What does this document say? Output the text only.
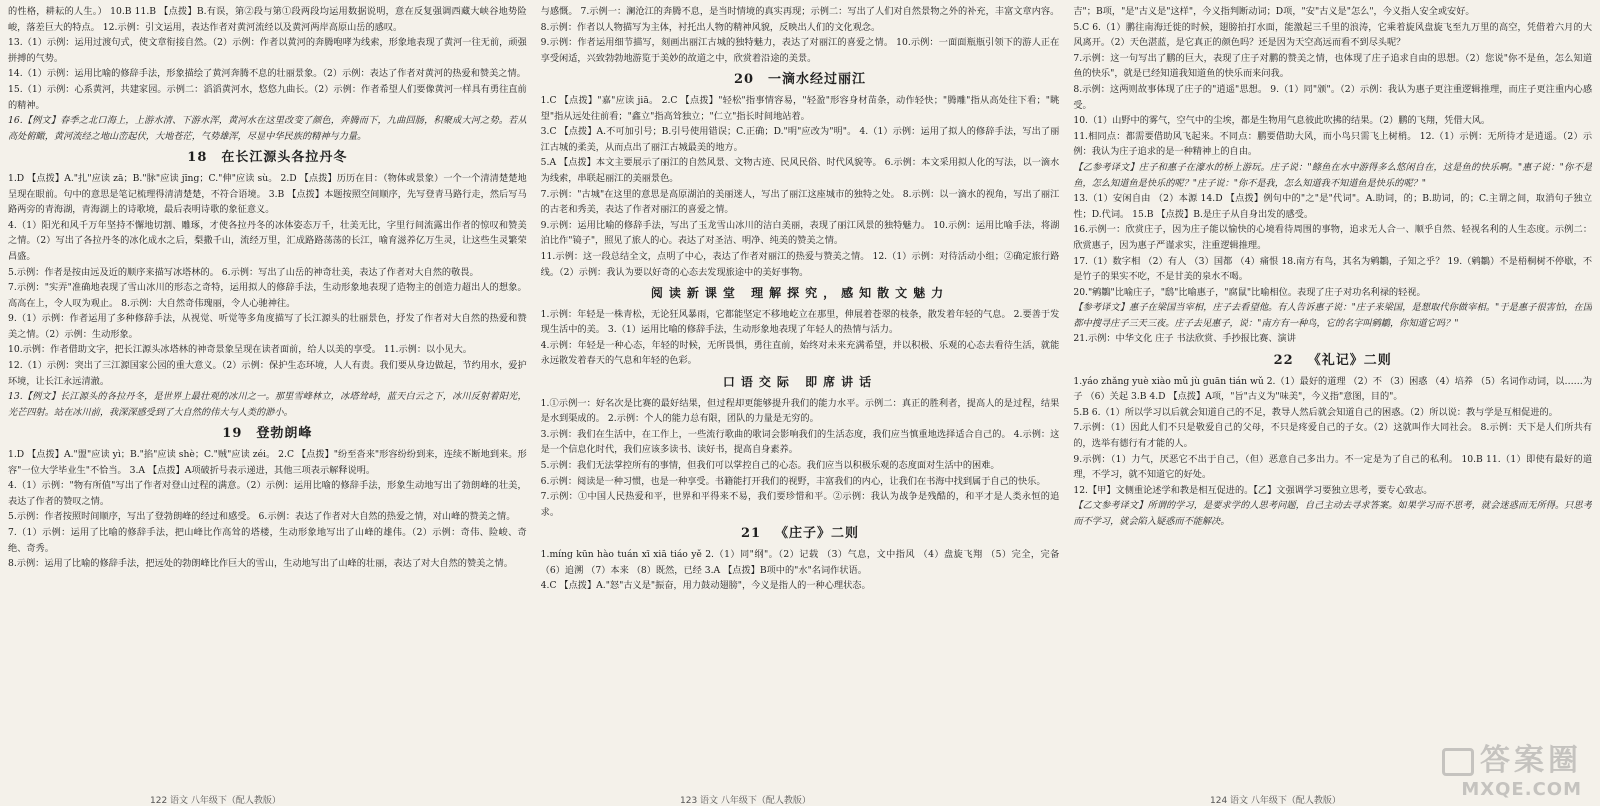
的性格，耕耘的人生。） 10.B 11.B 【点拨】B.有误，第②段与第①段两段均运用数据说明，意在反复强调西藏大峡谷地势险峻，落差巨大的特点。 12.示例：引文运用，表达作者对黄河流经以及黄河两岸高原山岳的感叹。

13.（1）示例：运用过渡句式，使文章衔接自然。（2）示例：作者以黄河的奔腾咆哮为线索，形象地表现了黄河一往无前，顽强拼搏的气势。

14.（1）示例：运用比喻的修辞手法，形象描绘了黄河奔腾不息的壮丽景象。（2）示例：表达了作者对黄河的热爱和赞美之情。

15.（1）示例：心系黄河，共建家园。示例二：滔滔黄河水，悠悠九曲长。（2）示例：作者希望人们要像黄河一样具有勇往直前的精神。

16.【例文】春季之北口海上，上游水清、下游水浑，黄河水在这里改变了颜色，奔腾而下，九曲回肠，积聚成大河之势。若从高处俯瞰，黄河流经之地山峦起伏，大地苍茫，气势雄浑，尽显中华民族的精神与力量。

18 在长江源头各拉丹冬

1.D 【点拨】A."扎"应读 zā；B."脉"应读 jīng；C."伸"应读 sù。 2.D 【点拨】历历在目：（物体或景象）一个一个清清楚楚地呈现在眼前。句中的意思是笔记梳理得清清楚楚，不符合语境。 3.B 【点拨】本题按照空间顺序，先写登青马路行走，然后写马路两旁的青海湖，青海湖上的诗歌境，最后表明诗歌的象征意义。

4.（1）阳光和风千万年坚持不懈地切割、雕琢，才使各拉丹冬的冰体姿态万千，壮美无比，字里行间流露出作者的惊叹和赞美之情。（2）写出了各拉丹冬的冰化成水之后，梨撒千山，流经万里，汇成路路荡荡的长江，喻育滋养亿万生灵，让这些生灵繁荣昌盛。

5.示例：作者是按由远及近的顺序来描写冰塔林的。 6.示例：写出了山岳的神奇壮美，表达了作者对大自然的敬畏。

7.示例："实弄"准确地表现了雪山冰川的形态之奇特，运用拟人的修辞手法，生动形象地表现了造物主的创造力超出人的想象。高高在上，令人叹为观止。 8.示例：大自然奇伟瑰丽，令人心驰神往。

9.（1）示例：作者运用了多种修辞手法，从视觉、听觉等多角度描写了长江源头的壮丽景色，抒发了作者对大自然的热爱和赞美之情。（2）示例：生动形象。

10.示例：作者借助文字，把长江源头冰塔林的神奇景象呈现在读者面前，给人以美的享受。 11.示例：以小见大。

12.（1）示例：突出了三江源国家公园的重大意义。（2）示例：保护生态环境，人人有责。我们要从身边做起，节约用水，爱护环境，让长江永远清澈。

13.【例文】长江源头的各拉丹冬，是世界上最壮观的冰川之一。那里雪峰林立，冰塔耸峙，蓝天白云之下，冰川反射着阳光，光芒四射。站在冰川前，我深深感受到了大自然的伟大与人类的渺小。

19 登勃朗峰

1.D 【点拨】A."盟"应读 yì；B."掐"应读 shè；C."贼"应读 zéi。 2.C 【点拨】"纷至沓来"形容纷纷到来，连续不断地到来。形容"一位大学毕业生"不恰当。 3.A 【点拨】A项破折号表示递进，其他三项表示解释说明。

4.（1）示例："物有所值"写出了作者对登山过程的满意。（2）示例：运用比喻的修辞手法，形象生动地写出了勃朗峰的壮美，表达了作者的赞叹之情。

5.示例：作者按照时间顺序，写出了登勃朗峰的经过和感受。 6.示例：表达了作者对大自然的热爱之情，对山峰的赞美之情。

7.（1）示例：运用了比喻的修辞手法，把山峰比作高耸的塔楼，生动形象地写出了山峰的雄伟。（2）示例：奇伟、险峻、奇绝、奇秀。

8.示例：运用了比喻的修辞手法，把远处的勃朗峰比作巨大的雪山，生动地写出了山峰的壮丽，表达了对大自然的赞美之情。

与感慨。 7.示例一：澜沧江的奔腾不息，是当时情境的真实再现；示例二：写出了人们对自然景物之外的补充，丰富文章内容。 8.示例：作者以人物描写为主体，衬托出人物的精神风貌，反映出人们的文化观念。

9.示例：作者运用细节描写，刻画出丽江古城的独特魅力，表达了对丽江的喜爱之情。 10.示例：一面面瓶瓶引领下的游人正在享受闲适，兴致勃勃地游览于美妙的故道之中，欣赏着沿途的美景。

20 一滴水经过丽江

1.C 【点拨】"嘉"应读 jiā。 2.C 【点拨】"轻松"指事情容易，"轻盈"形容身材苗条，动作轻快；"腾雕"指从高处往下看；"眺望"指从远处往前看；"鑫立"指高耸独立；"仁立"指长时间地站着。

3.C 【点拨】A.不可加引号；B.引号使用错误；C.正确；D."明"应改为"明"。 4.（1）示例：运用了拟人的修辞手法，写出了丽江古城的柔美，从而点出了丽江古城最美的地方。

5.A 【点拨】本文主要展示了丽江的自然风景、文物古迹、民风民俗、时代风貌等。 6.示例：本文采用拟人化的写法，以一滴水为线索，串联起丽江的美丽景色。

7.示例："古城"在这里的意思是高原湖泊的美丽迷人，写出了丽江这座城市的独特之处。 8.示例：以一滴水的视角，写出了丽江的古老和秀美，表达了作者对丽江的喜爱之情。

9.示例：运用比喻的修辞手法，写出了玉龙雪山冰川的洁白美丽，表现了丽江风景的独特魅力。 10.示例：运用比喻手法，将湖泊比作"镜子"，照见了旅人的心。表达了对圣洁、明净、纯美的赞美之情。

11.示例：这一段总结全文，点明了中心，表达了作者对丽江的热爱与赞美之情。 12.（1）示例：对待活动小组；②确定旅行路线。（2）示例：我认为要以好奇的心态去发现旅途中的美好事物。

阅读新课堂 理解探究，感知散文魅力

1.示例：年轻是一株青松，无论狂风暴雨，它都能坚定不移地屹立在那里，伸展着苍翠的枝条，散发着年轻的气息。 2.要善于发现生活中的美。 3.（1）运用比喻的修辞手法，生动形象地表现了年轻人的热情与活力。

4.示例：年轻是一种心态，年轻的时候，无所畏惧，勇往直前，始终对未来充满希望，并以积极、乐观的心态去看待生活，就能永远散发着春天的气息和年轻的色彩。

口语交际 即席讲话

1.①示例一：好名次是比赛的最好结果，但过程却更能够提升我们的能力水平。示例二：真正的胜利者，提高人的是过程，结果是水到渠成的。 2.示例：个人的能力总有限，团队的力量是无穷的。

3.示例：我们在生活中，在工作上，一些流行歌曲的歌词会影响我们的生活态度，我们应当慎重地选择适合自己的。 4.示例：这是一个信息化时代，我们应该多读书、读好书，提高自身素养。

5.示例：我们无法掌控所有的事情，但我们可以掌控自己的心态。我们应当以积极乐观的态度面对生活中的困难。

6.示例：阅读是一种习惯，也是一种享受。书籍能打开我们的视野，丰富我们的内心，让我们在书海中找到属于自己的快乐。

7.示例：①中国人民热爱和平，世界和平得来不易，我们要珍惜和平。②示例：我认为战争是残酷的，和平才是人类永恒的追求。

21 《庄子》二则

1.míng kūn hào tuán xī xiā tiáo yě 2.（1）同"纲"。（2）记载 （3）气息，文中指风 （4）盘旋飞翔 （5）完全，完备 （6）追溯 （7）本来 （8）既然，已经 3.A 【点拨】B项中的"水"名词作状语。

4.C 【点拨】A."怒"古义是"振奋，用力鼓动翅膀"，今义是指人的一种心理状态。

吉"；B项，"是"古义是"这样"，今义指判断动词；D项，"安"古义是"怎么"，今义指人安全或安好。

5.C 6.（1）鹏往南海迁徙的时候，翅膀拍打水面，能激起三千里的浪涛，它乘着旋风盘旋飞至九万里的高空，凭借着六月的大风离开。（2）天色湛蓝，是它真正的颜色吗？还是因为天空高远而看不到尽头呢？

7.示例：这一句写出了鹏的巨大，表现了庄子对鹏的赞美之情，也体现了庄子追求自由的思想。（2）您说"你不是鱼，怎么知道鱼的快乐"，就是已经知道我知道鱼的快乐而来问我。

8.示例：这两则故事体现了庄子的"逍遥"思想。 9.（1）同"颁"。（2）示例：我认为惠子更注重逻辑推理，而庄子更注重内心感受。

10.（1）山野中的雾气，空气中的尘埃，都是生物用气息彼此吹拂的结果。（2）鹏的飞翔，凭借大风。

11.相同点：都需要借助风飞起来。不同点：鹏要借助大风，而小鸟只需飞上树梢。 12.（1）示例：无所待才是逍遥。（2）示例：我认为庄子追求的是一种精神上的自由。

【乙参考译文】庄子和惠子在濠水的桥上游玩。庄子说："鲦鱼在水中游得多么悠闲自在，这是鱼的快乐啊。"惠子说："你不是鱼，怎么知道鱼是快乐的呢？"庄子说："你不是我，怎么知道我不知道鱼是快乐的呢？"

13.（1）安闲自由 （2）本源 14.D 【点拨】例句中的"之"是"代词"。A.助词，的；B.助词，的；C.主谓之间，取消句子独立性；D.代词。 15.B 【点拨】B.是庄子从自身出发的感受。

16.示例一：欣赏庄子，因为庄子能以愉快的心境看待周围的事物，追求无人合一、顺乎自然、轻视名利的人生态度。示例二：欣赏惠子，因为惠子严谨求实，注重逻辑推理。

17.（1）数字相 （2）有人 （3）国都 （4）痛恨 18.南方有鸟，其名为鹓鶵，子知之乎？ 19.（鹓鶵）不是梧桐树不停歇，不是竹子的果实不吃，不是甘美的泉水不喝。

20."鹓鶵"比喻庄子，"鸱"比喻惠子，"腐鼠"比喻相位。表现了庄子对功名利禄的轻视。

【参考译文】惠子在梁国当宰相，庄子去看望他。有人告诉惠子说："庄子来梁国，是想取代你做宰相。"于是惠子很害怕，在国都中搜寻庄子三天三夜。庄子去见惠子，说："南方有一种鸟，它的名字叫鹓鶵，你知道它吗？"

21.示例：中华文化 庄子 书法欣赏、手抄报比赛、演讲

22 《礼记》二则

1.yáo zhǎng yuè xiào mǔ jù guān tián wǔ 2.（1）最好的道理 （2）不 （3）困惑 （4）培养 （5）名词作动词，以……为子 （6）关起 3.B 4.D 【点拨】A项，"旨"古义为"味美"，今义指"意图，目的"。

5.B 6.（1）所以学习以后就会知道自己的不足，教导人然后就会知道自己的困惑。（2）所以说：教与学是互相促进的。

7.示例：（1）因此人们不只是敬爱自己的父母，不只是疼爱自己的子女。（2）这就叫作大同社会。 8.示例：天下是人们所共有的，选举有德行有才能的人。

9.示例：（1）力气，厌恶它不出于自己，（但）恶意自己多出力。不一定是为了自己的私利。 10.B 11.（1）即使有最好的道理，不学习，就不知道它的好处。

12.【甲】文侧重论述学和教是相互促进的。【乙】文强调学习要独立思考，要专心致志。

【乙文参考译文】所谓的学习，是要求学的人思考问题，自己主动去寻求答案。如果学习而不思考，就会迷惑而无所得。只思考而不学习，就会陷入疑惑而不能解决。

122 语文 八年级下（配人教版）	123 语文 八年级下（配人教版）	124 语文 八年级下（配人教版）
答案圈
MXQE.COM
